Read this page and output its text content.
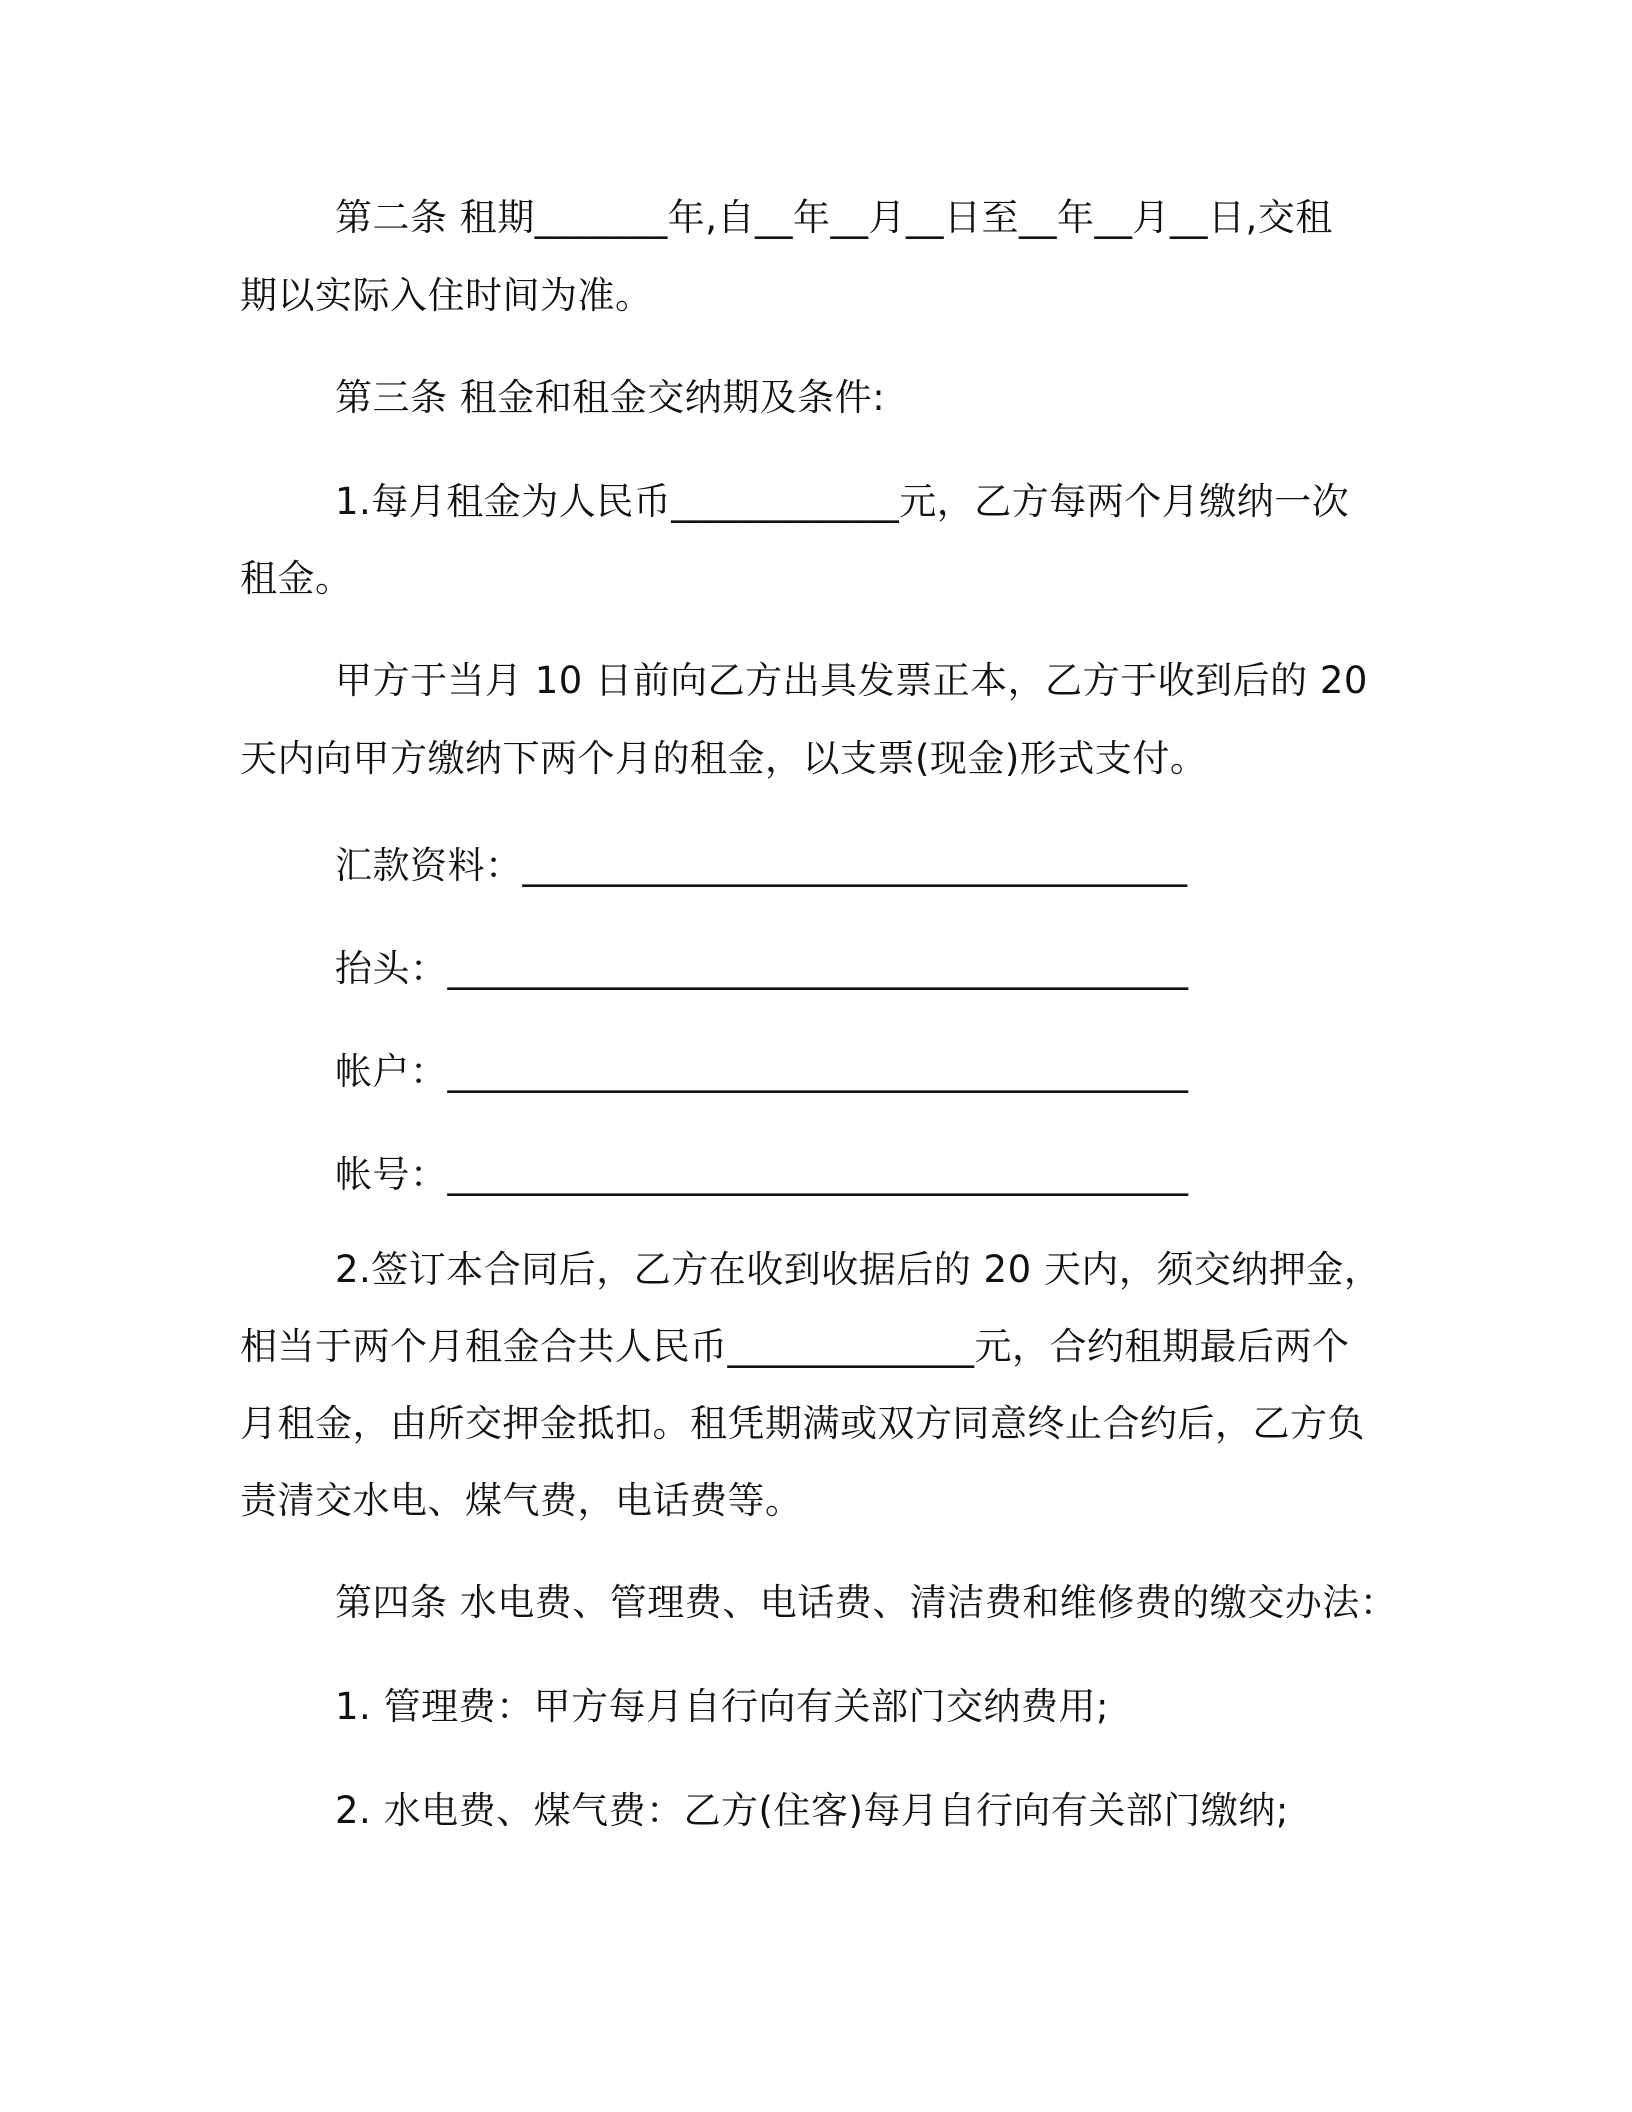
第二条 租期_______年,自__年__月__日至__年__月__日,交租
期以实际入住时间为准。
第三条 租金和租金交纳期及条件:
1.每月租金为人民币____________元，乙方每两个月缴纳一次
租金。
甲方于当月 10 日前向乙方出具发票正本，乙方于收到后的 20
天内向甲方缴纳下两个月的租金，以支票(现金)形式支付。
汇款资料：___________________________________
抬头：_______________________________________
帐户：_______________________________________
帐号：_______________________________________
2.签订本合同后，乙方在收到收据后的 20 天内，须交纳押金，
相当于两个月租金合共人民币_____________元，合约租期最后两个
月租金，由所交押金抵扣。租凭期满或双方同意终止合约后，乙方负
责清交水电、煤气费，电话费等。
第四条 水电费、管理费、电话费、清洁费和维修费的缴交办法：
1. 管理费：甲方每月自行向有关部门交纳费用;
2. 水电费、煤气费：乙方(住客)每月自行向有关部门缴纳;
